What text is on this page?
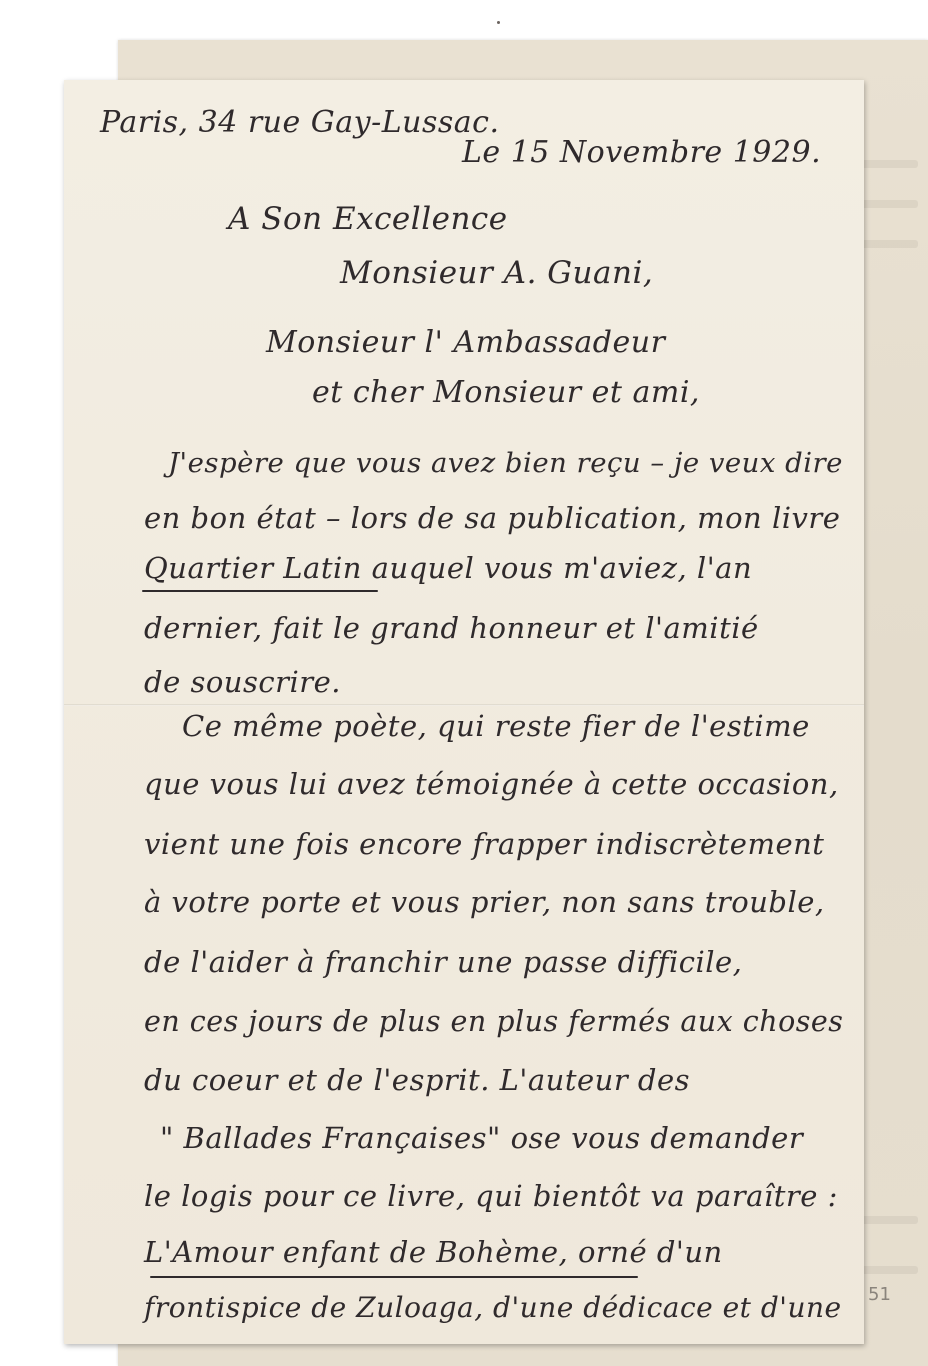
Paris, 34 rue Gay-Lussac.
Le 15 Novembre 1929.
A Son Excellence
Monsieur A. Guani,
Monsieur l' Ambassadeur
et cher Monsieur et ami,
J'espère que vous avez bien reçu – je veux dire
en bon état – lors de sa publication, mon livre
Quartier Latin auquel vous m'aviez, l'an
dernier, fait le grand honneur et l'amitié
de souscrire.
Ce même poète, qui reste fier de l'estime
que vous lui avez témoignée à cette occasion,
vient une fois encore frapper indiscrètement
à votre porte et vous prier, non sans trouble,
de l'aider à franchir une passe difficile,
en ces jours de plus en plus fermés aux choses
du coeur et de l'esprit. L'auteur des
" Ballades Françaises" ose vous demander
le logis pour ce livre, qui bientôt va paraître :
L'Amour enfant de Bohème, orné d'un
frontispice de Zuloaga, d'une dédicace et d'une 51
